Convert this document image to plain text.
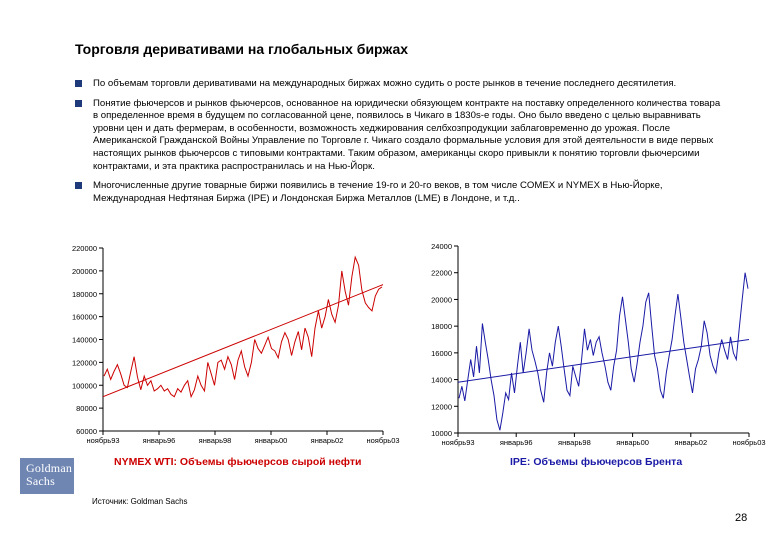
Торговля деривативами на глобальных биржах
По объемам торговли деривативами на международных биржах можно судить о росте рынков в течение последнего десятилетия.
Понятие фьючерсов и рынков фьючерсов, основанное на юридически обязующем контракте на поставку определенного количества товара в определенное время в будущем по согласованной цене, появилось в Чикаго в 1830s-е годы. Оно было введено с целью выравнивать уровни цен и дать фермерам, в особенности, возможность хеджирования селбхозпродукции заблаговременно до урожая. После Американской Гражданской Войны Управление по Торговле г. Чикаго создало формальные условия для этой деятельности в виде первых настоящих рынков фьючерсов с типовыми контрактами. Таким образом, американцы скоро привыкли к понятию торговли фьючерсими контрактами, и эта практика распространилась и на Нью-Йорк.
Многочисленные другие товарные биржи появились в течение 19-го и 20-го веков, в том числе COMEX и NYMEX в Нью-Йорке, Международная Нефтяная Биржа (IPE) и Лондонская Биржа Металлов (LME) в Лондоне, и т.д..
60000
80000
100000
120000
140000
160000
180000
200000
220000
ноябрь93	январь96	январь98	январь00	январь02	ноябрь03
10000
12000
14000
16000
18000
20000
22000
24000
ноябрь93	январь96	январь98	январь00	январь02	ноябрь03
NYMEX WTI: Объемы фьючерсов сырой нефти	IPE: Объемы фьючерсов Брента
Goldman Sachs
Источник: Goldman Sachs
28
